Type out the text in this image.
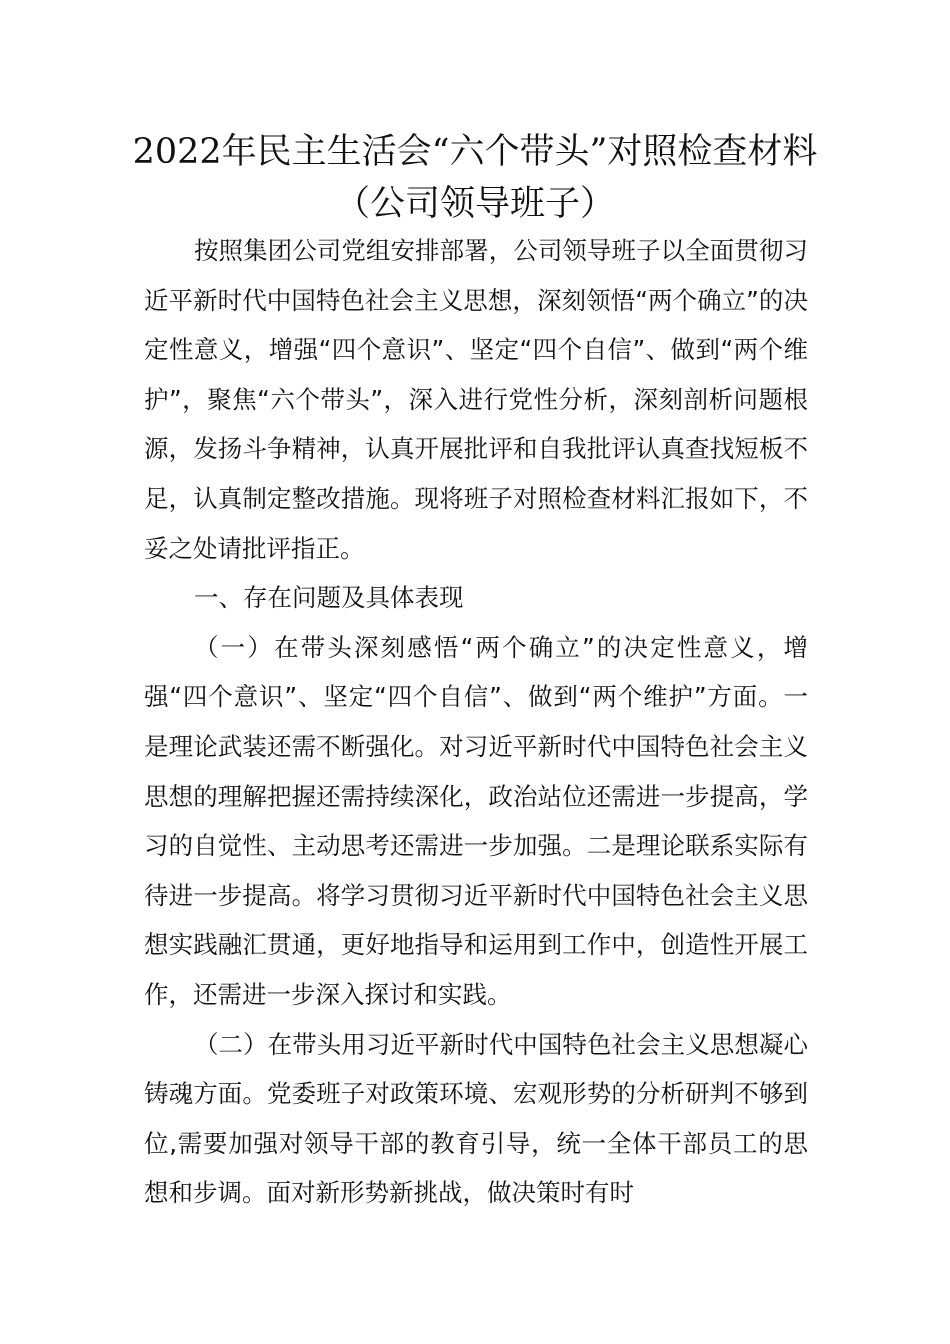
2022年民主生活会“六个带头”对照检查材料（公司领导班子）

按照集团公司党组安排部署，公司领导班子以全面贯彻习近平新时代中国特色社会主义思想，深刻领悟“两个确立”的决定性意义，增强“四个意识”、坚定“四个自信”、做到“两个维护”，聚焦“六个带头”，深入进行党性分析，深刻剖析问题根源，发扬斗争精神，认真开展批评和自我批评认真查找短板不足，认真制定整改措施。现将班子对照检查材料汇报如下，不妥之处请批评指正。

一、存在问题及具体表现

（一）在带头深刻感悟“两个确立”的决定性意义，增强“四个意识”、坚定“四个自信”、做到“两个维护”方面。一是理论武装还需不断强化。对习近平新时代中国特色社会主义思想的理解把握还需持续深化，政治站位还需进一步提高，学习的自觉性、主动思考还需进一步加强。二是理论联系实际有待进一步提高。将学习贯彻习近平新时代中国特色社会主义思想实践融汇贯通，更好地指导和运用到工作中，创造性开展工作，还需进一步深入探讨和实践。

（二）在带头用习近平新时代中国特色社会主义思想凝心铸魂方面。党委班子对政策环境、宏观形势的分析研判不够到位,需要加强对领导干部的教育引导，统一全体干部员工的思想和步调。面对新形势新挑战，做决策时有时
